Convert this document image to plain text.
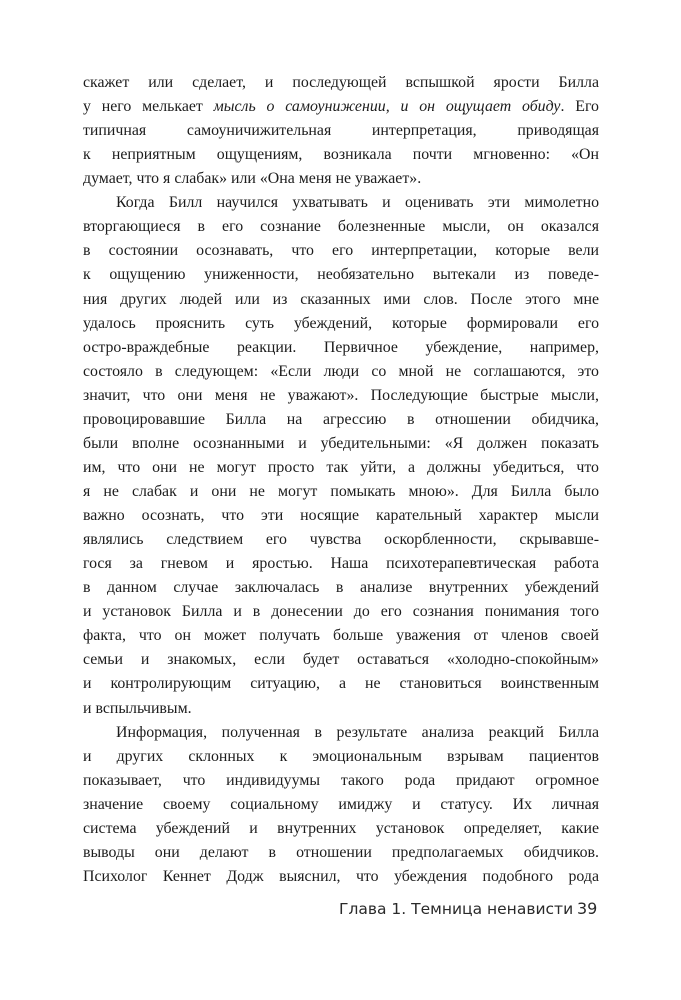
скажет или сделает, и последующей вспышкой ярости Билла
у него мелькает мысль о самоунижении, и он ощущает обиду. Его
типичная самоуничижительная интерпретация, приводящая
к неприятным ощущениям, возникала почти мгновенно: «Он
думает, что я слабак» или «Она меня не уважает».
Когда Билл научился ухватывать и оценивать эти мимолетно
вторгающиеся в его сознание болезненные мысли, он оказался
в состоянии осознавать, что его интерпретации, которые вели
к ощущению униженности, необязательно вытекали из поведе-
ния других людей или из сказанных ими слов. После этого мне
удалось прояснить суть убеждений, которые формировали его
остро-враждебные реакции. Первичное убеждение, например,
состояло в следующем: «Если люди со мной не соглашаются, это
значит, что они меня не уважают». Последующие быстрые мысли,
провоцировавшие Билла на агрессию в отношении обидчика,
были вполне осознанными и убедительными: «Я должен показать
им, что они не могут просто так уйти, а должны убедиться, что
я не слабак и они не могут помыкать мною». Для Билла было
важно осознать, что эти носящие карательный характер мысли
являлись следствием его чувства оскорбленности, скрывавше-
гося за гневом и яростью. Наша психотерапевтическая работа
в данном случае заключалась в анализе внутренних убеждений
и установок Билла и в донесении до его сознания понимания того
факта, что он может получать больше уважения от членов своей
семьи и знакомых, если будет оставаться «холодно-спокойным»
и контролирующим ситуацию, а не становиться воинственным
и вспыльчивым.
Информация, полученная в результате анализа реакций Билла
и других склонных к эмоциональным взрывам пациентов
показывает, что индивидуумы такого рода придают огромное
значение своему социальному имиджу и статусу. Их личная
система убеждений и внутренних установок определяет, какие
выводы они делают в отношении предполагаемых обидчиков.
Психолог Кеннет Додж выяснил, что убеждения подобного рода
Глава 1. Темница ненависти 39
